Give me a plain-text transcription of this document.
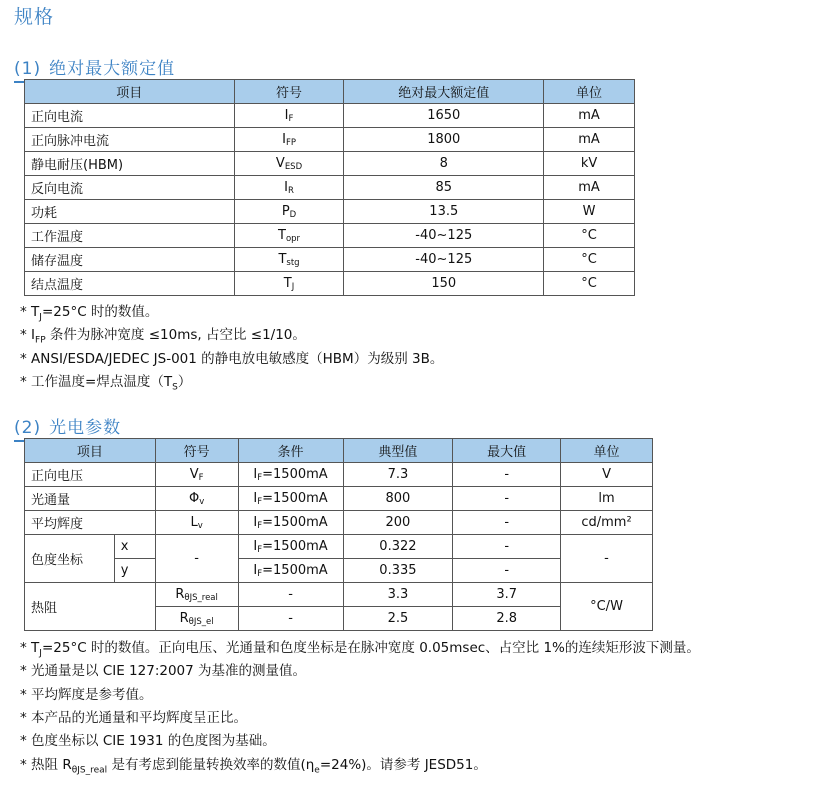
规格
(1) 绝对最大额定值
项目	符号	绝对最大额定值	单位
正向电流	$I_F$	1650	mA
正向脉冲电流	$I_{FP}$	1800	mA
静电耐压(HBM)	$V_{ESD}$	8	kV
反向电流	$I_R$	85	mA
功耗	$P_D$	13.5	W
工作温度	$T_{opr}$	-40~125	°C
储存温度	$T_{stg}$	-40~125	°C
结点温度	$T_J$	150	°C
* $T_J=25^\circ C$ 时的数值。
* $I_{FP}$ 条件为脉冲宽度 ≤10ms, 占空比 ≤1/10。
* ANSI/ESDA/JEDEC JS-001 的静电放电敏感度（HBM）为级别 3B。
* 工作温度=焊点温度$(T_S)$
(2) 光电参数
项目		符号	条件	典型值	最大值	单位
正向电压		$V_F$	$I_F=1500mA$	7.3	-	V
光通量		$\Phi_v$	$I_F=1500mA$	800	-	lm
平均辉度		$L_v$	$I_F=1500mA$	200	-	cd/mm²
色度坐标	x	-	$I_F=1500mA$	0.322	-	-
	y		$I_F=1500mA$	0.335	-	
热阻		$R_{\theta JS\_real}$	-	3.3	3.7	°C/W
		$R_{\theta JS\_el}$	-	2.5	2.8	
* $T_J=25^\circ C$ 时的数值。正向电压、光通量和色度坐标是在脉冲宽度 0.05msec、占空比 1%的连续矩形波下测量。
* 光通量是以 CIE 127:2007 为基准的测量值。
* 平均辉度是参考值。
* 本产品的光通量和平均辉度呈正比。
* 色度坐标以 CIE 1931 的色度图为基础。
* 热阻 $R_{\theta JS\_real}$ 是有考虑到能量转换效率的数值$(\eta_e=24\%)$。请参考 JESD51。
